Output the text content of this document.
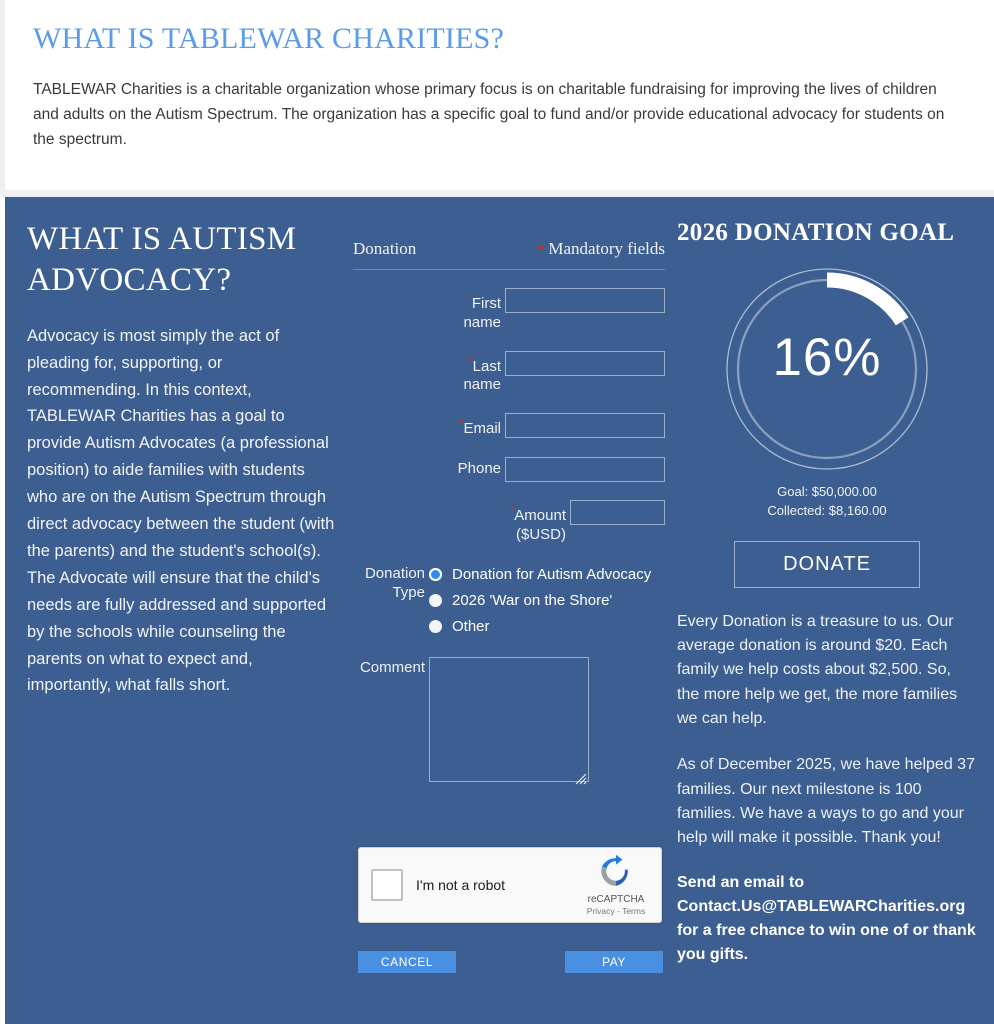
WHAT IS TABLEWAR CHARITIES?

TABLEWAR Charities is a charitable organization whose primary focus is on charitable fundraising for improving the lives of children and adults on the Autism Spectrum. The organization has a specific goal to fund and/or provide educational advocacy for students on the spectrum.

WHAT IS AUTISM ADVOCACY?

Advocacy is most simply the act of pleading for, supporting, or recommending. In this context, TABLEWAR Charities has a goal to provide Autism Advocates (a professional position) to aide families with students who are on the Autism Spectrum through direct advocacy between the student (with the parents) and the student's school(s). The Advocate will ensure that the child's needs are fully addressed and supported by the schools while counseling the parents on what to expect and, importantly, what falls short.

Donation	* Mandatory fields
*First name
*Last name
*Email
Phone
*Amount ($USD)
Donation Type
Donation for Autism Advocacy
2026 'War on the Shore'
Other
Comment
I'm not a robot
reCAPTCHA
Privacy - Terms
CANCEL	PAY
2026 DONATION GOAL
16%
Goal: $50,000.00
Collected: $8,160.00
DONATE

Every Donation is a treasure to us. Our average donation is around $20. Each family we help costs about $2,500. So, the more help we get, the more families we can help.

As of December 2025, we have helped 37 families. Our next milestone is 100 families. We have a ways to go and your help will make it possible. Thank you!

Send an email to Contact.Us@TABLEWARCharities.org for a free chance to win one of or thank you gifts.
